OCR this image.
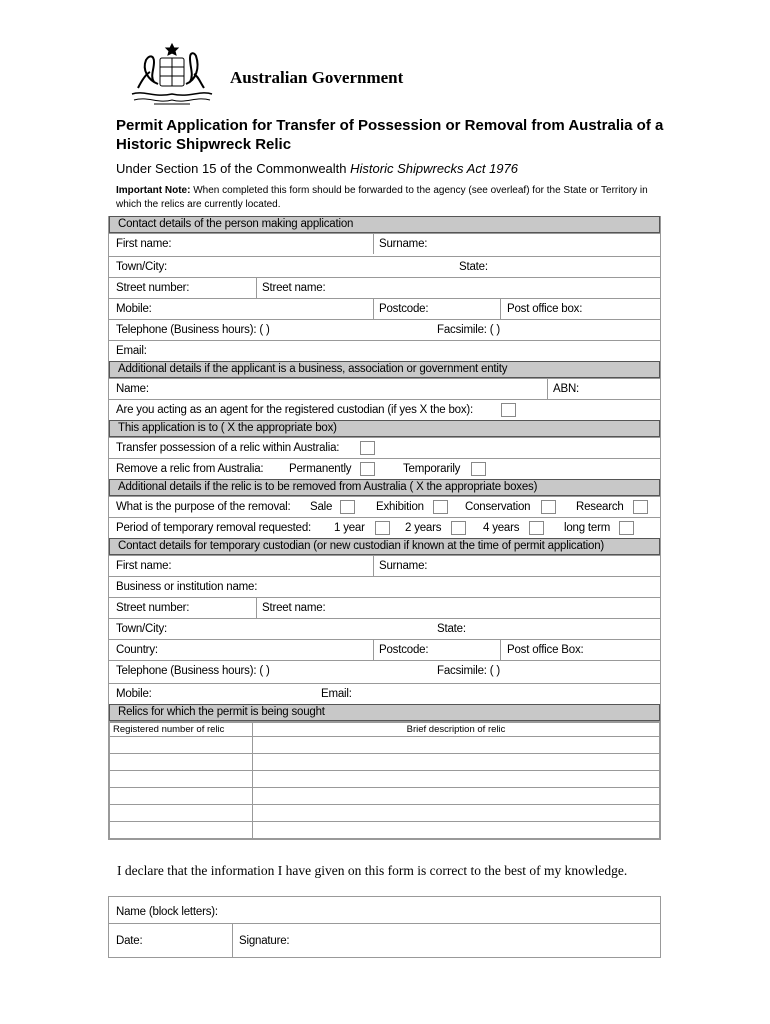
Australian Government
Permit Application for Transfer of Possession or Removal from Australia of a Historic Shipwreck Relic
Under Section 15 of the Commonwealth Historic Shipwrecks Act 1976
Important Note: When completed this form should be forwarded to the agency (see overleaf) for the State or Territory in which the relics are currently located.
Contact details of the person making application
First name:	Surname:
Town/City:	State:
Street number:	Street name:
Mobile:	Postcode:	Post office box:
Telephone (Business hours): ( )	Facsimile: ( )
Email:
Additional details if the applicant is a business, association or government entity
Name:	ABN:
Are you acting as an agent for the registered custodian (if yes X the box):
This application is to ( X the appropriate box)
Transfer possession of a relic within Australia:
Remove a relic from Australia: Permanently	Temporarily
Additional details if the relic is to be removed from Australia ( X the appropriate boxes)
What is the purpose of the removal: Sale	Exhibition	Conservation	Research
Period of temporary removal requested: 1 year	2 years	4 years	long term
Contact details for temporary custodian (or new custodian if known at the time of permit application)
First name:	Surname:
Business or institution name:
Street number:	Street name:
Town/City:	State:
Country:	Postcode:	Post office Box:
Telephone (Business hours): ( )	Facsimile: ( )
Mobile:	Email:
Relics for which the permit is being sought
Registered number of relic	Brief description of relic

I declare that the information I have given on this form is correct to the best of my knowledge.
Name (block letters):
Date:	Signature:
